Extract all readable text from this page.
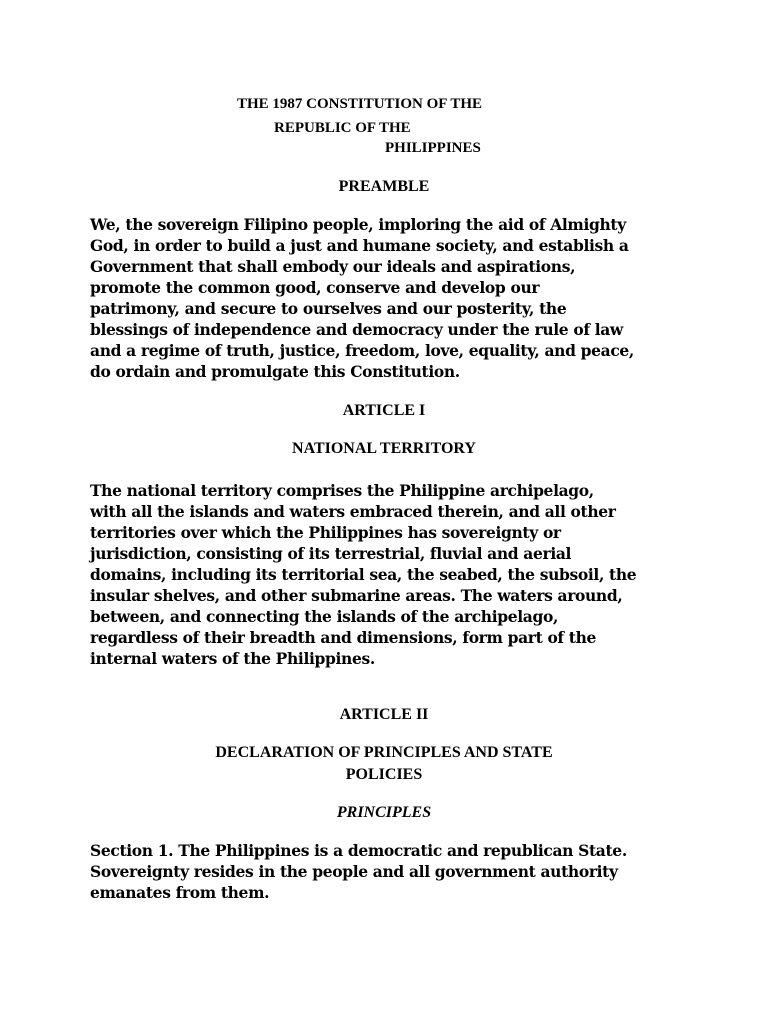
THE 1987 CONSTITUTION OF THE
REPUBLIC OF THE
PHILIPPINES
PREAMBLE
We, the sovereign Filipino people, imploring the aid of Almighty
God, in order to build a just and humane society, and establish a
Government that shall embody our ideals and aspirations,
promote the common good, conserve and develop our
patrimony, and secure to ourselves and our posterity, the
blessings of independence and democracy under the rule of law
and a regime of truth, justice, freedom, love, equality, and peace,
do ordain and promulgate this Constitution.
ARTICLE I
NATIONAL TERRITORY
The national territory comprises the Philippine archipelago,
with all the islands and waters embraced therein, and all other
territories over which the Philippines has sovereignty or
jurisdiction, consisting of its terrestrial, fluvial and aerial
domains, including its territorial sea, the seabed, the subsoil, the
insular shelves, and other submarine areas. The waters around,
between, and connecting the islands of the archipelago,
regardless of their breadth and dimensions, form part of the
internal waters of the Philippines.
ARTICLE II
DECLARATION OF PRINCIPLES AND STATE
POLICIES
PRINCIPLES
Section 1. The Philippines is a democratic and republican State.
Sovereignty resides in the people and all government authority
emanates from them.
